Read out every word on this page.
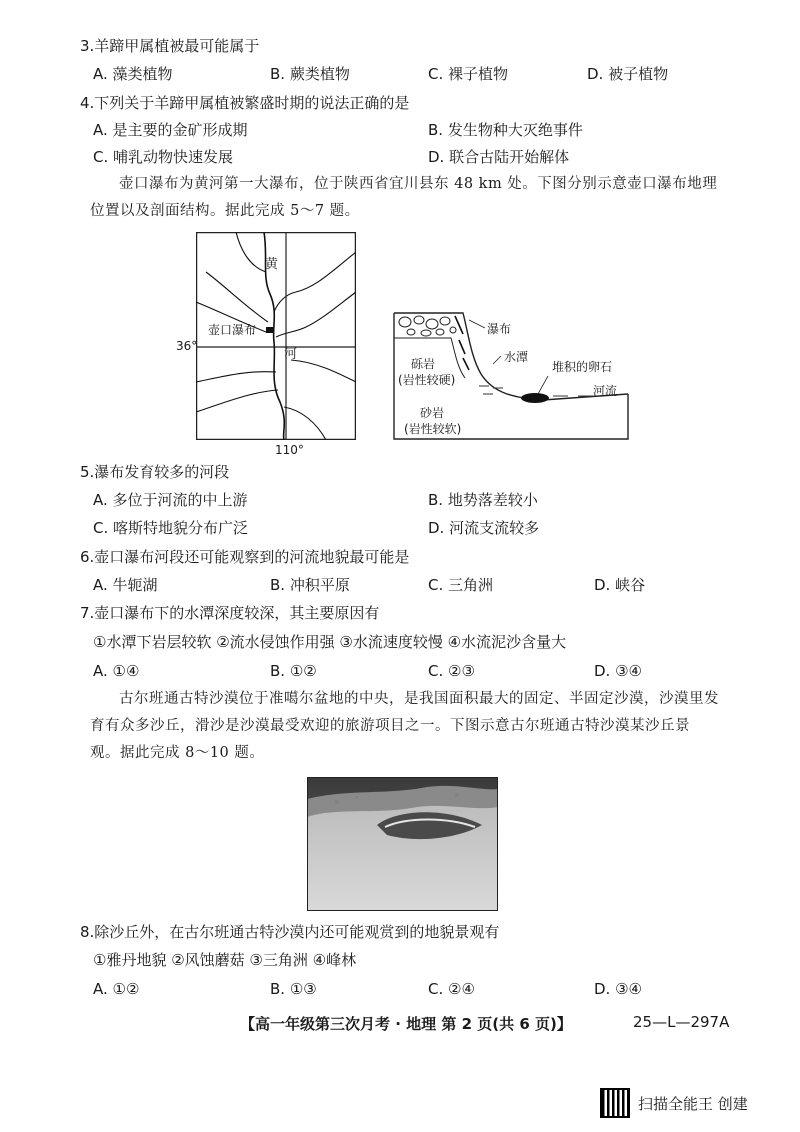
3.羊蹄甲属植被最可能属于
A. 藻类植物	B. 蕨类植物	C. 裸子植物	D. 被子植物
4.下列关于羊蹄甲属植被繁盛时期的说法正确的是
A. 是主要的金矿形成期	B. 发生物种大灭绝事件
C. 哺乳动物快速发展	D. 联合古陆开始解体

壶口瀑布为黄河第一大瀑布，位于陕西省宜川县东 48 km 处。下图分别示意壶口瀑布地理

位置以及剖面结构。据此完成 5～7 题。
黄
河
壶口瀑布
36°
110°
瀑布
水潭
堆积的卵石
河流
砾岩
(岩性较硬)
砂岩
(岩性较软)
5.瀑布发育较多的河段
A. 多位于河流的中上游	B. 地势落差较小
C. 喀斯特地貌分布广泛	D. 河流支流较多
6.壶口瀑布河段还可能观察到的河流地貌最可能是
A. 牛轭湖	B. 冲积平原	C. 三角洲	D. 峡谷
7.壶口瀑布下的水潭深度较深，其主要原因有
①水潭下岩层较软 ②流水侵蚀作用强 ③水流速度较慢 ④水流泥沙含量大
A. ①④	B. ①②	C. ②③	D. ③④

古尔班通古特沙漠位于准噶尔盆地的中央，是我国面积最大的固定、半固定沙漠，沙漠里发

育有众多沙丘，滑沙是沙漠最受欢迎的旅游项目之一。下图示意古尔班通古特沙漠某沙丘景
观。据此完成 8～10 题。
8.除沙丘外，在古尔班通古特沙漠内还可能观赏到的地貌景观有
①雅丹地貌 ②风蚀蘑菇 ③三角洲 ④峰林
A. ①②	B. ①③	C. ②④	D. ③④
【高一年级第三次月考 · 地理 第 2 页(共 6 页)】	25—L—297A
扫描全能王 创建
